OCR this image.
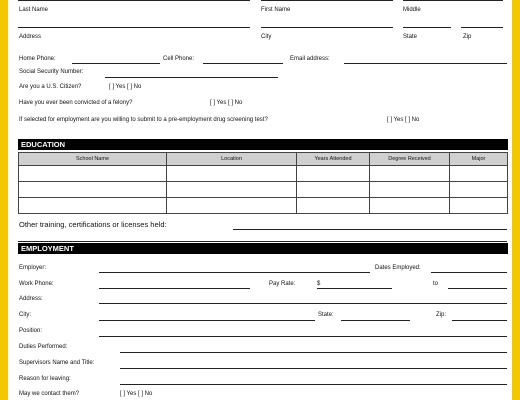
Last Name	First Name	Middle
Address	City	State	Zip
Home Phone:	Cell Phone:	Email address:
Social Security Number:
Are you a U.S. Citizen?	[ ] Yes [ ] No
Have you ever been convicted of a felony?	[ ] Yes [ ] No
If selected for employment are you willing to submit to a pre-employment drug screening test?	[ ] Yes [ ] No
EDUCATION
School Name	Location	Years Attended	Degree Received	Major

Other training, certifications or licenses held:
EMPLOYMENT
Employer:	Dates Employed:
Work Phone:	Pay Rate:	$	to
Address:
City:	State:	Zip:
Position:
Duties Performed:
Supervisors Name and Title:
Reason for leaving:
May we contact them?	[ ] Yes [ ] No
